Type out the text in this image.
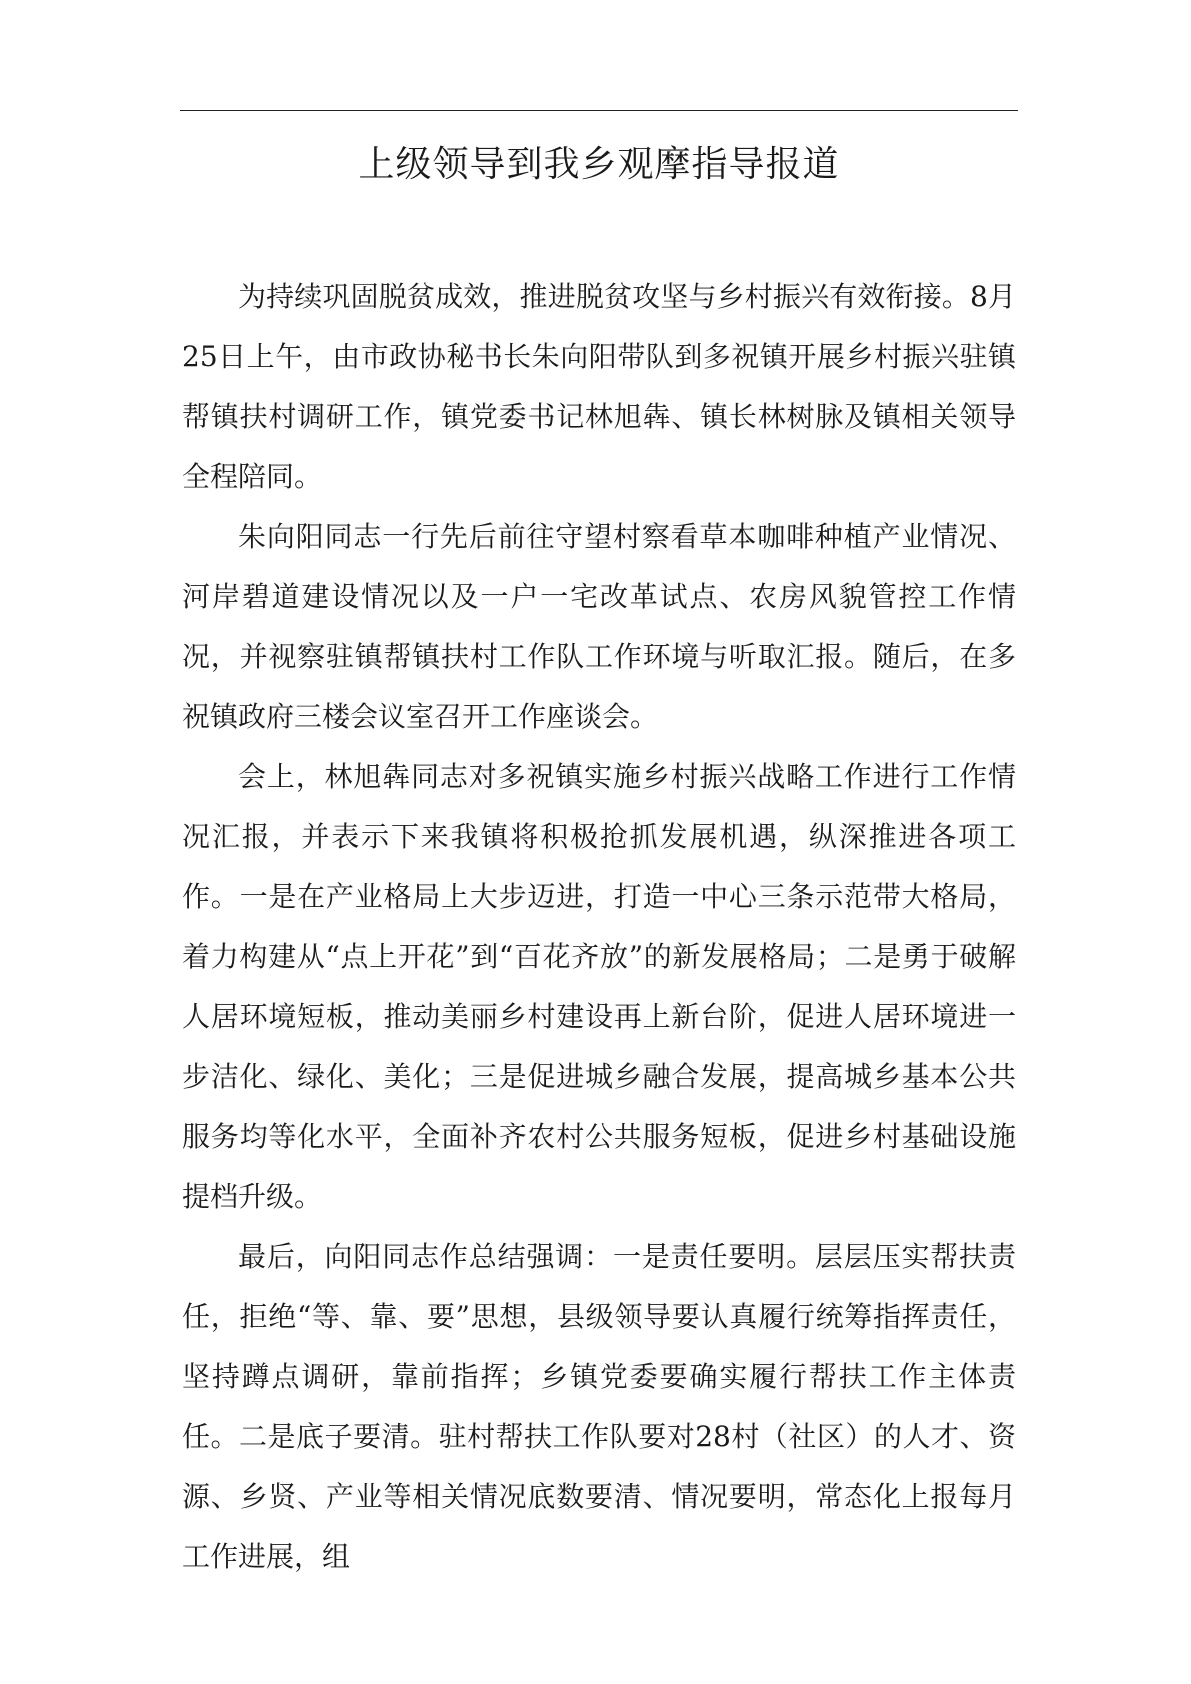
上级领导到我乡观摩指导报道

为持续巩固脱贫成效，推进脱贫攻坚与乡村振兴有效衔接。8月25日上午，由市政协秘书长朱向阳带队到多祝镇开展乡村振兴驻镇帮镇扶村调研工作，镇党委书记林旭犇、镇长林树脉及镇相关领导全程陪同。

朱向阳同志一行先后前往守望村察看草本咖啡种植产业情况、河岸碧道建设情况以及一户一宅改革试点、农房风貌管控工作情况，并视察驻镇帮镇扶村工作队工作环境与听取汇报。随后，在多祝镇政府三楼会议室召开工作座谈会。

会上，林旭犇同志对多祝镇实施乡村振兴战略工作进行工作情况汇报，并表示下来我镇将积极抢抓发展机遇，纵深推进各项工作。一是在产业格局上大步迈进，打造一中心三条示范带大格局，着力构建从“点上开花”到“百花齐放”的新发展格局；二是勇于破解人居环境短板，推动美丽乡村建设再上新台阶，促进人居环境进一步洁化、绿化、美化；三是促进城乡融合发展，提高城乡基本公共服务均等化水平，全面补齐农村公共服务短板，促进乡村基础设施提档升级。

最后，向阳同志作总结强调：一是责任要明。层层压实帮扶责任，拒绝“等、靠、要”思想，县级领导要认真履行统筹指挥责任，坚持蹲点调研，靠前指挥；乡镇党委要确实履行帮扶工作主体责任。二是底子要清。驻村帮扶工作队要对28村（社区）的人才、资源、乡贤、产业等相关情况底数要清、情况要明，常态化上报每月工作进展，组
